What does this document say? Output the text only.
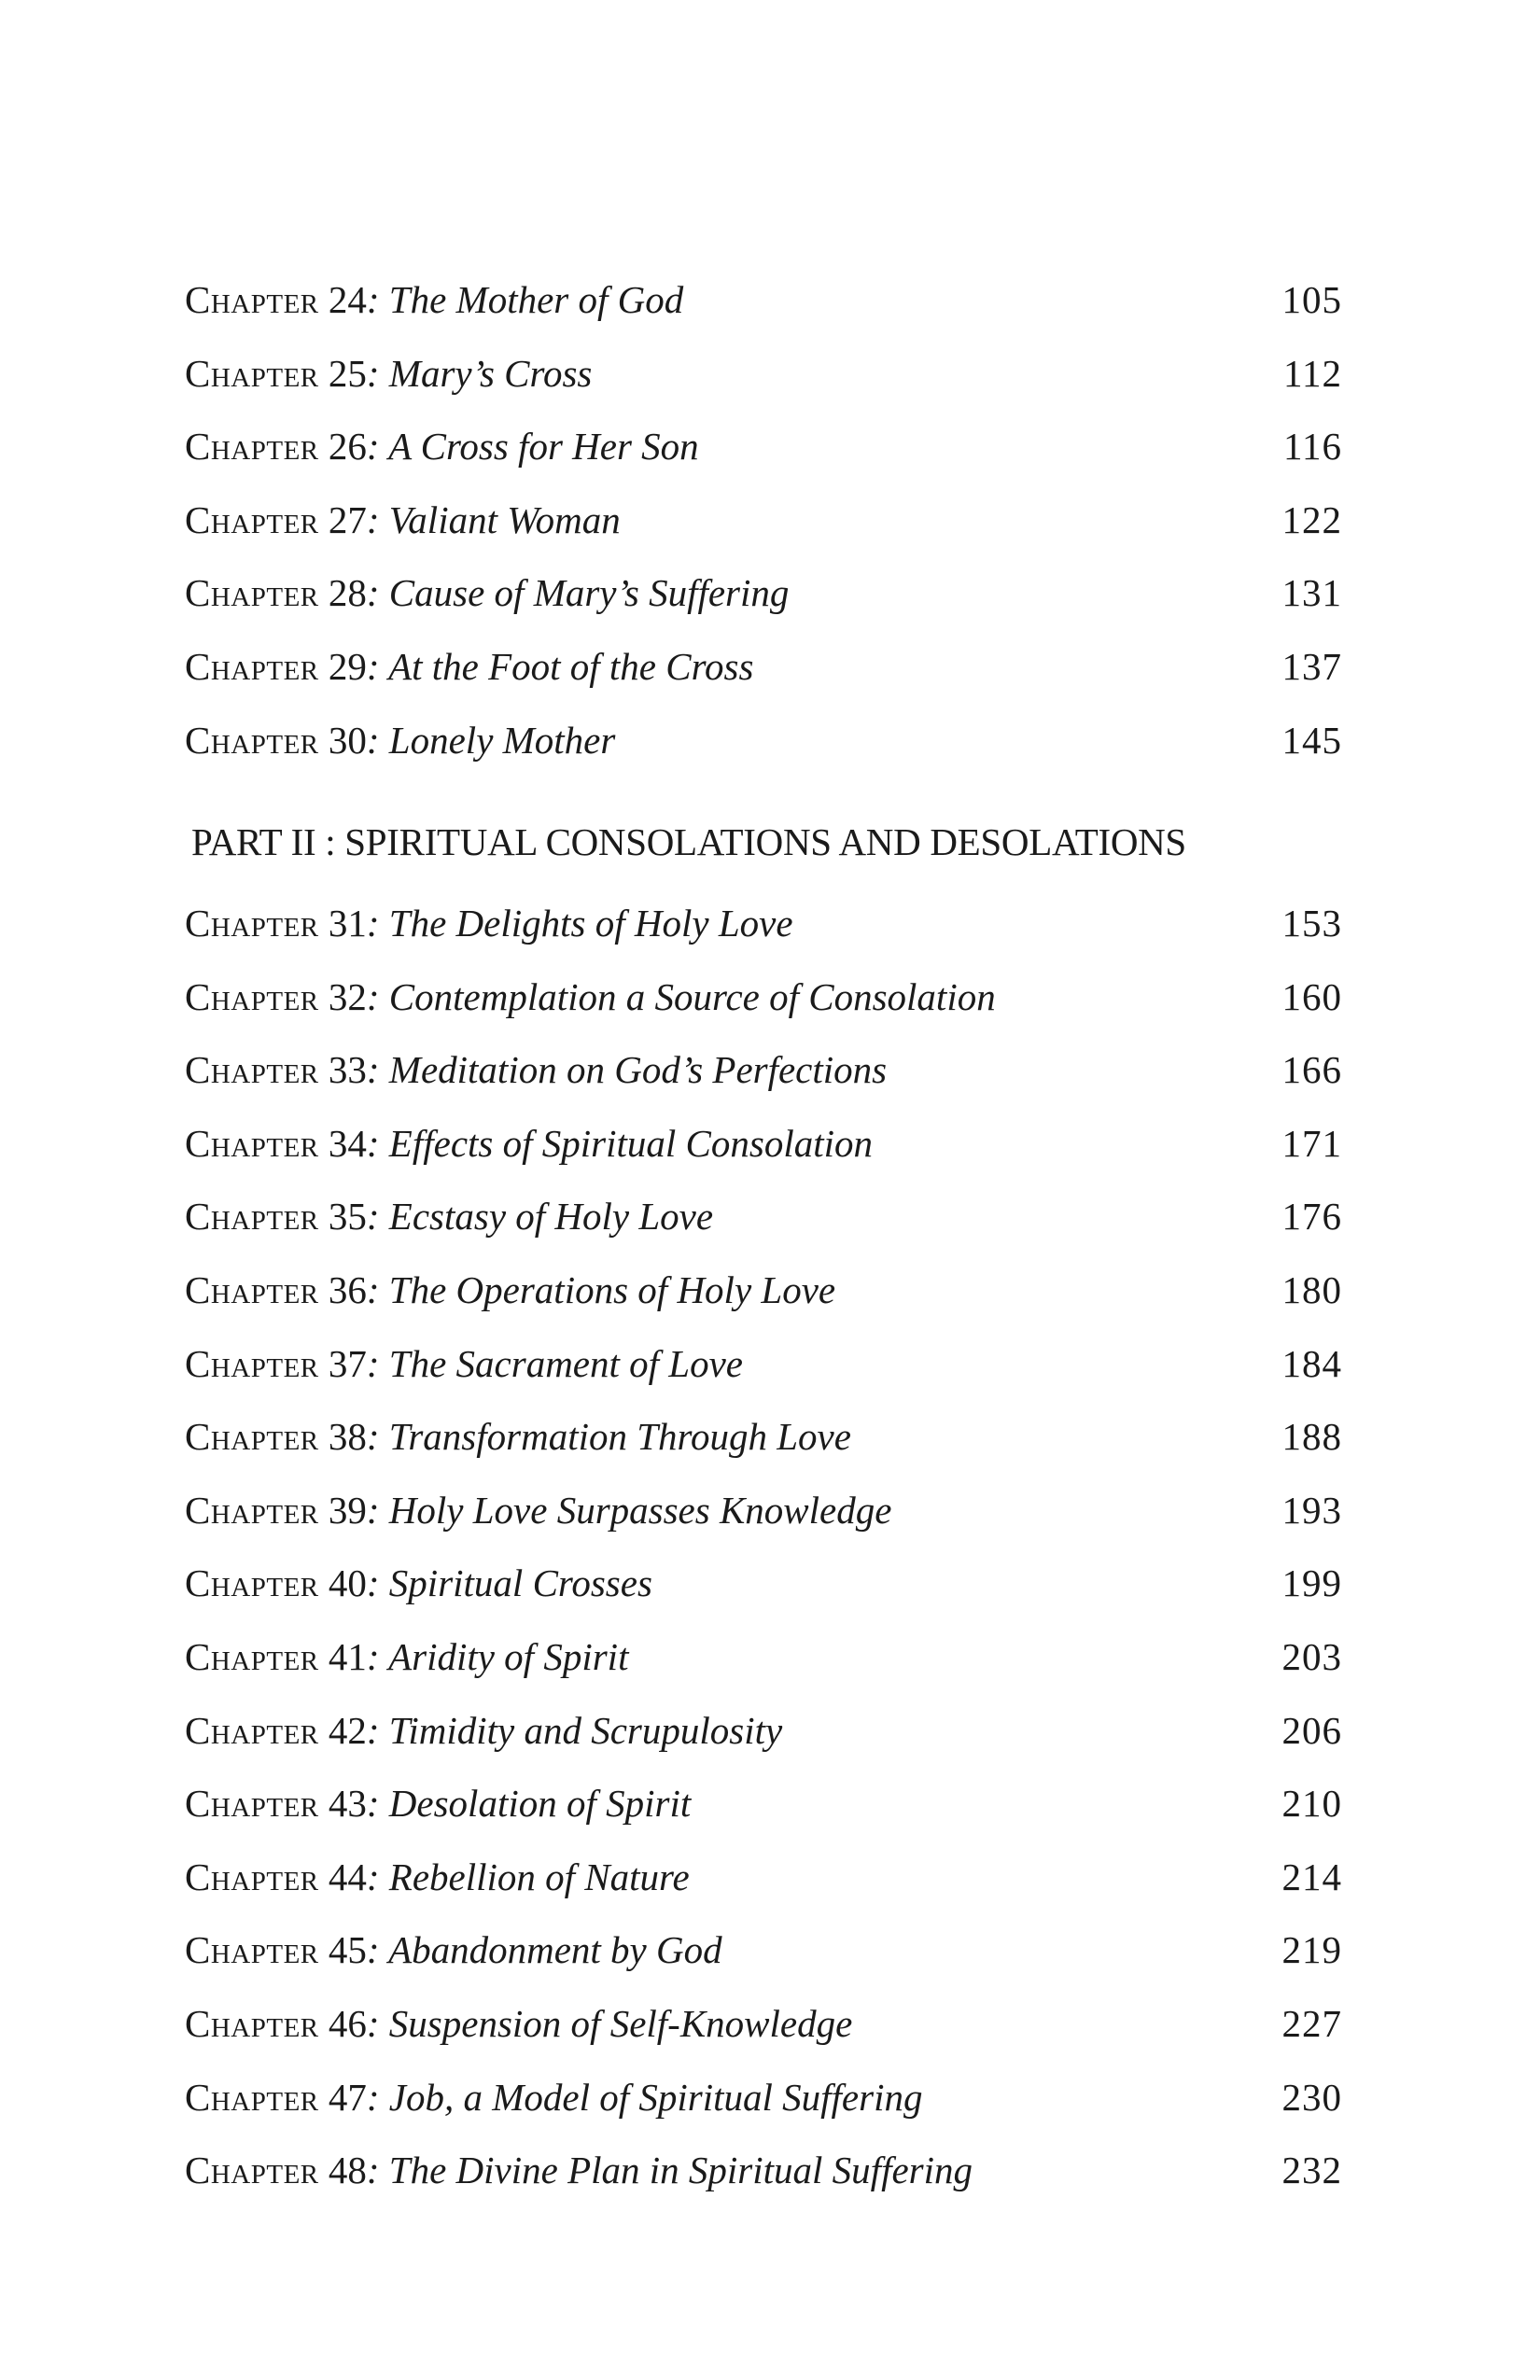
Chapter 24: The Mother of God	105
Chapter 25: Mary’s Cross	112
Chapter 26: A Cross for Her Son	116
Chapter 27: Valiant Woman	122
Chapter 28: Cause of Mary’s Suffering	131
Chapter 29: At the Foot of the Cross	137
Chapter 30: Lonely Mother	145
PART II : SPIRITUAL CONSOLATIONS AND DESOLATIONS
Chapter 31: The Delights of Holy Love	153
Chapter 32: Contemplation a Source of Consolation	160
Chapter 33: Meditation on God’s Perfections	166
Chapter 34: Effects of Spiritual Consolation	171
Chapter 35: Ecstasy of Holy Love	176
Chapter 36: The Operations of Holy Love	180
Chapter 37: The Sacrament of Love	184
Chapter 38: Transformation Through Love	188
Chapter 39: Holy Love Surpasses Knowledge	193
Chapter 40: Spiritual Crosses	199
Chapter 41: Aridity of Spirit	203
Chapter 42: Timidity and Scrupulosity	206
Chapter 43: Desolation of Spirit	210
Chapter 44: Rebellion of Nature	214
Chapter 45: Abandonment by God	219
Chapter 46: Suspension of Self-Knowledge	227
Chapter 47: Job, a Model of Spiritual Suffering	230
Chapter 48: The Divine Plan in Spiritual Suffering	232
